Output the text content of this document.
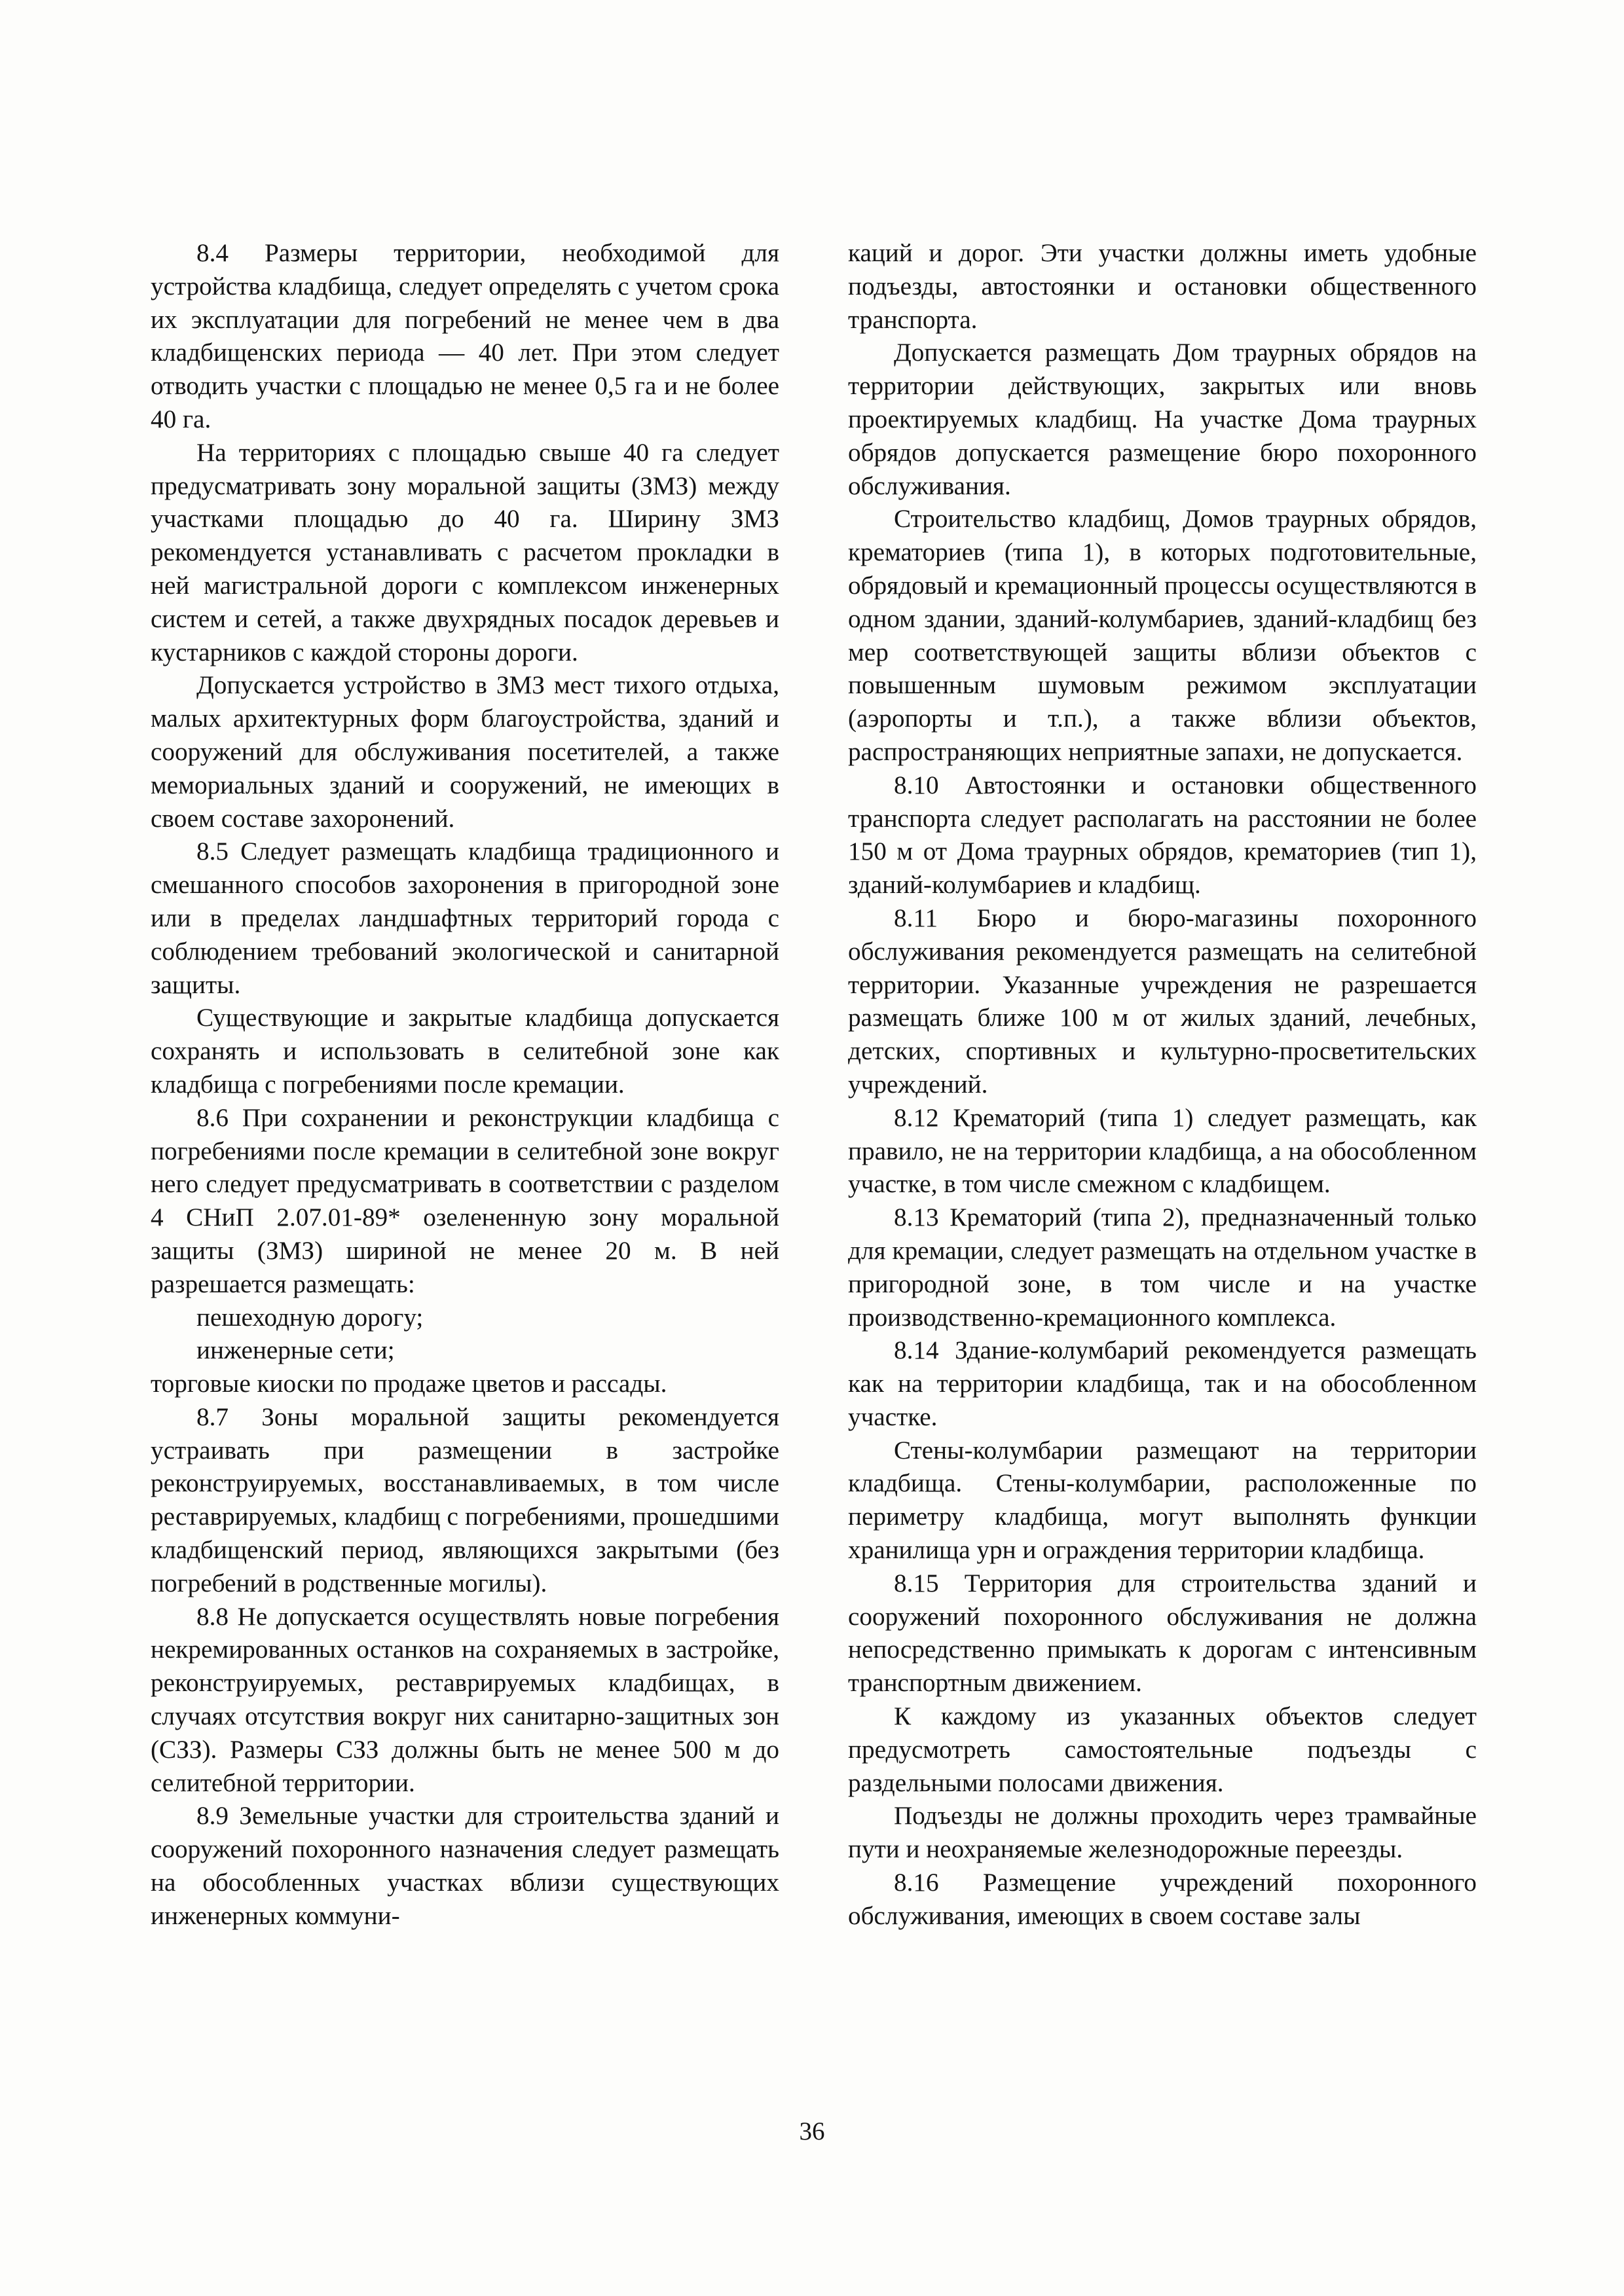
8.4 Размеры территории, необходимой для устройства кладбища, следует определять с учетом срока их эксплуатации для погребений не менее чем в два кладбищенских периода — 40 лет. При этом следует отводить участки с площадью не менее 0,5 га и не более 40 га.

На территориях с площадью свыше 40 га следует предусматривать зону моральной защиты (ЗМЗ) между участками площадью до 40 га. Ширину ЗМЗ рекомендуется устанавливать с расчетом прокладки в ней магистральной дороги с комплексом инженерных систем и сетей, а также двухрядных посадок деревьев и кустарников с каждой стороны дороги.

Допускается устройство в ЗМЗ мест тихого отдыха, малых архитектурных форм благоустройства, зданий и сооружений для обслуживания посетителей, а также мемориальных зданий и сооружений, не имеющих в своем составе захоронений.

8.5 Следует размещать кладбища традиционного и смешанного способов захоронения в пригородной зоне или в пределах ландшафтных территорий города с соблюдением требований экологической и санитарной защиты.

Существующие и закрытые кладбища допускается сохранять и использовать в селитебной зоне как кладбища с погребениями после кремации.

8.6 При сохранении и реконструкции кладбища с погребениями после кремации в селитебной зоне вокруг него следует предусматривать в соответствии с разделом 4 СНиП 2.07.01-89* озелененную зону моральной защиты (ЗМЗ) шириной не менее 20 м. В ней разрешается размещать:

пешеходную дорогу;

инженерные сети;

торговые киоски по продаже цветов и рассады.

8.7 Зоны моральной защиты рекомендуется устраивать при размещении в застройке реконструируемых, восстанавливаемых, в том числе реставрируемых, кладбищ с погребениями, прошедшими кладбищенский период, являющихся закрытыми (без погребений в родственные могилы).

8.8 Не допускается осуществлять новые погребения некремированных останков на сохраняемых в застройке, реконструируемых, реставрируемых кладбищах, в случаях отсутствия вокруг них санитарно-защитных зон (СЗЗ). Размеры СЗЗ должны быть не менее 500 м до селитебной территории.

8.9 Земельные участки для строительства зданий и сооружений похоронного назначения следует размещать на обособленных участках вблизи существующих инженерных коммуни-

каций и дорог. Эти участки должны иметь удобные подъезды, автостоянки и остановки общественного транспорта.

Допускается размещать Дом траурных обрядов на территории действующих, закрытых или вновь проектируемых кладбищ. На участке Дома траурных обрядов допускается размещение бюро похоронного обслуживания.

Строительство кладбищ, Домов траурных обрядов, крематориев (типа 1), в которых подготовительные, обрядовый и кремационный процессы осуществляются в одном здании, зданий-колумбариев, зданий-кладбищ без мер соответствующей защиты вблизи объектов с повышенным шумовым режимом эксплуатации (аэропорты и т.п.), а также вблизи объектов, распространяющих неприятные запахи, не допускается.

8.10 Автостоянки и остановки общественного транспорта следует располагать на расстоянии не более 150 м от Дома траурных обрядов, крематориев (тип 1), зданий-колумбариев и кладбищ.

8.11 Бюро и бюро-магазины похоронного обслуживания рекомендуется размещать на селитебной территории. Указанные учреждения не разрешается размещать ближе 100 м от жилых зданий, лечебных, детских, спортивных и культурно-просветительских учреждений.

8.12 Крематорий (типа 1) следует размещать, как правило, не на территории кладбища, а на обособленном участке, в том числе смежном с кладбищем.

8.13 Крематорий (типа 2), предназначенный только для кремации, следует размещать на отдельном участке в пригородной зоне, в том числе и на участке производственно-кремационного комплекса.

8.14 Здание-колумбарий рекомендуется размещать как на территории кладбища, так и на обособленном участке.

Стены-колумбарии размещают на территории кладбища. Стены-колумбарии, расположенные по периметру кладбища, могут выполнять функции хранилища урн и ограждения территории кладбища.

8.15 Территория для строительства зданий и сооружений похоронного обслуживания не должна непосредственно примыкать к дорогам с интенсивным транспортным движением.

К каждому из указанных объектов следует предусмотреть самостоятельные подъезды с раздельными полосами движения.

Подъезды не должны проходить через трамвайные пути и неохраняемые железнодорожные переезды.

8.16 Размещение учреждений похоронного обслуживания, имеющих в своем составе залы

36
